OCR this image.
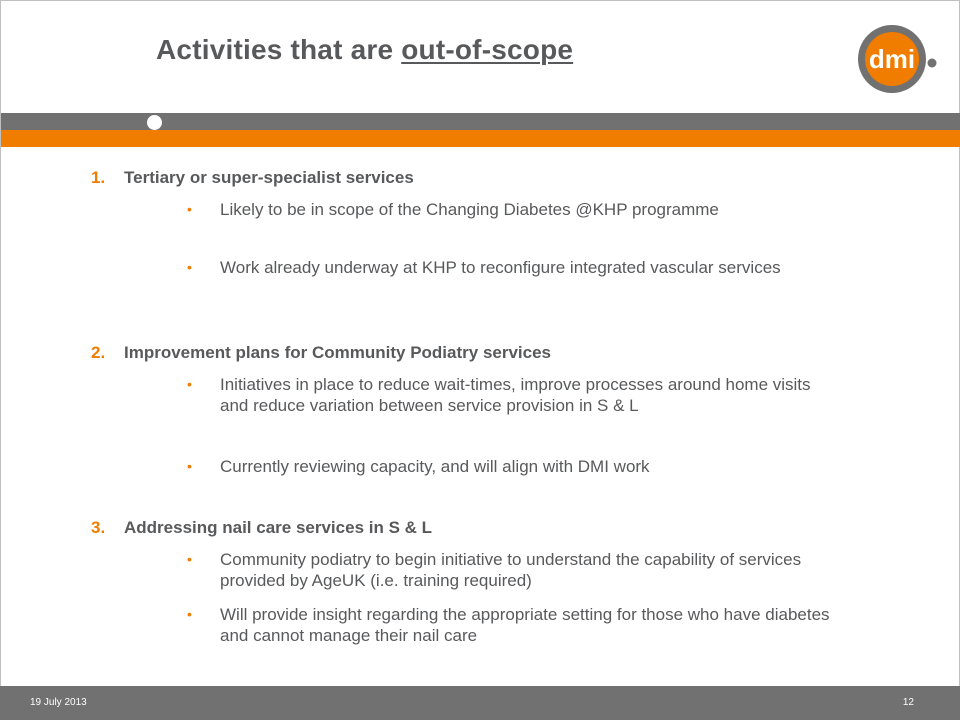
Activities that are out-of-scope	dmi
1. Tertiary or super-specialist services
• Likely to be in scope of the Changing Diabetes @KHP programme
• Work already underway at KHP to reconfigure integrated vascular services
2. Improvement plans for Community Podiatry services
• Initiatives in place to reduce wait-times, improve processes around home visits and reduce variation between service provision in S & L
• Currently reviewing capacity, and will align with DMI work
3. Addressing nail care services in S & L
• Community podiatry to begin initiative to understand the capability of services provided by AgeUK (i.e. training required)
• Will provide insight regarding the appropriate setting for those who have diabetes and cannot manage their nail care
19 July 2013	12
